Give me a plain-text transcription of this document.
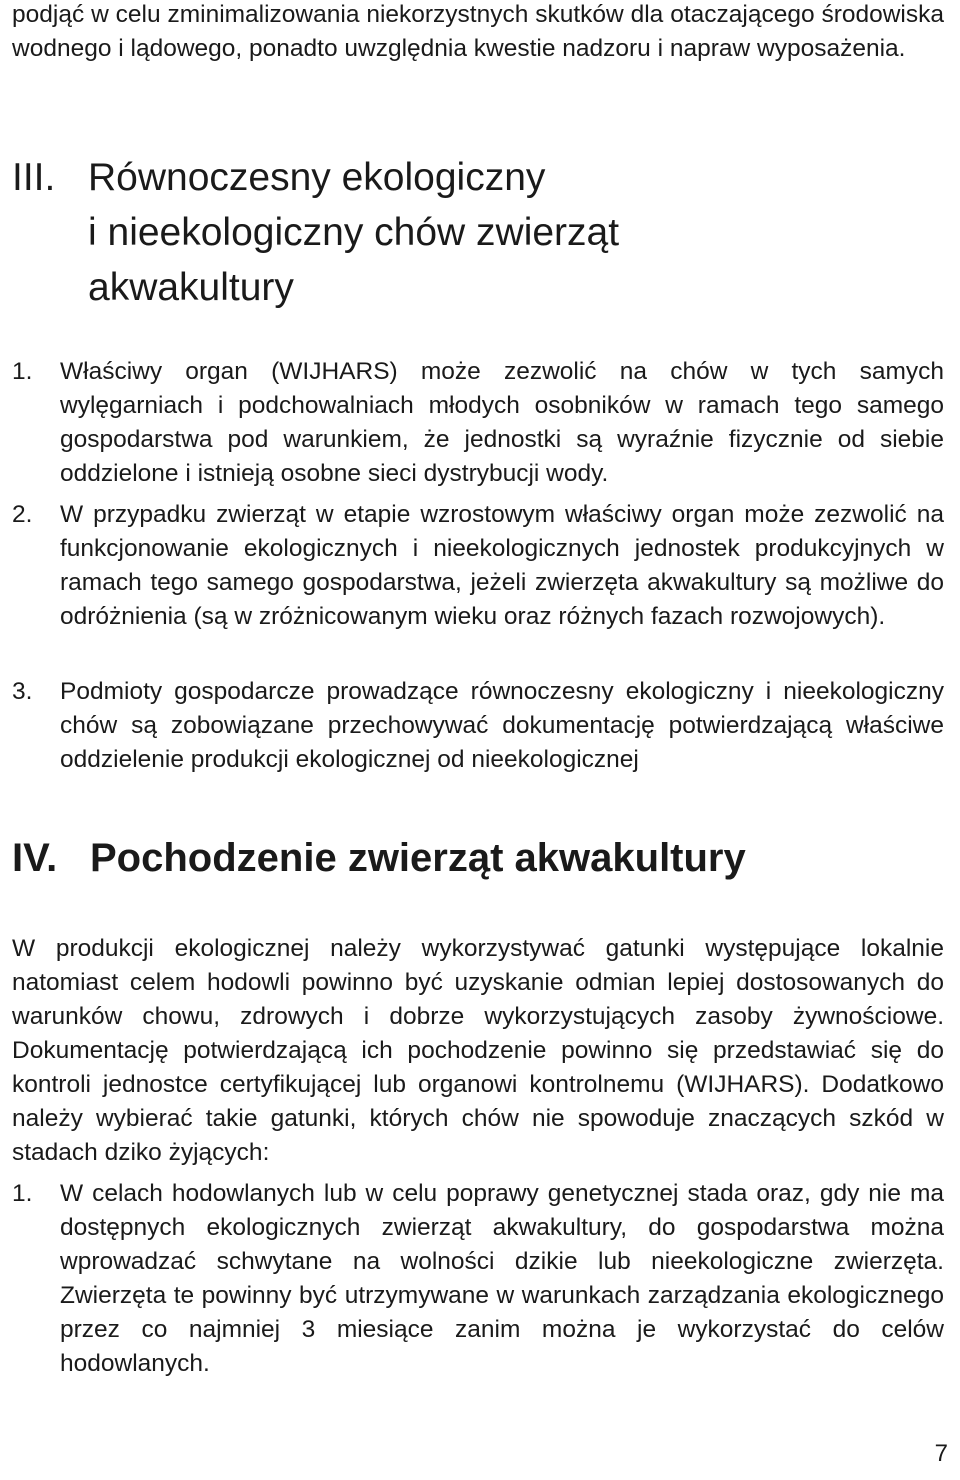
podjąć w celu zminimalizowania niekorzystnych skutków dla otaczającego środowiska wodnego i lądowego, ponadto uwzględnia kwestie nadzoru i napraw wyposażenia.

III. Równoczesny ekologiczny
i nieekologiczny chów zwierząt
akwakultury
1. Właściwy organ (WIJHARS) może zezwolić na chów w tych samych wylęgarniach i podchowalniach młodych osobników w ramach tego samego gospodarstwa pod warunkiem, że jednostki są wyraźnie fizycznie od siebie oddzielone i istnieją osobne sieci dystrybucji wody.

2. W przypadku zwierząt w etapie wzrostowym właściwy organ może zezwolić na funkcjonowanie ekologicznych i nieekologicznych jednostek produkcyjnych w ramach tego samego gospodarstwa, jeżeli zwierzęta akwakultury są możliwe do odróżnienia (są w zróżnicowanym wieku oraz różnych fazach rozwojowych).

3. Podmioty gospodarcze prowadzące równoczesny ekologiczny i nieekologiczny chów są zobowiązane przechowywać dokumentację potwierdzającą właściwe oddzielenie produkcji ekologicznej od nieekologicznej

IV. Pochodzenie zwierząt akwakultury

W produkcji ekologicznej należy wykorzystywać gatunki występujące lokalnie natomiast celem hodowli powinno być uzyskanie odmian lepiej dostosowanych do warunków chowu, zdrowych i dobrze wykorzystujących zasoby żywnościowe. Dokumentację potwierdzającą ich pochodzenie powinno się przedstawiać się do kontroli jednostce certyfikującej lub organowi kontrolnemu (WIJHARS). Dodatkowo należy wybierać takie gatunki, których chów nie spowoduje znaczących szkód w stadach dziko żyjących:

1. W celach hodowlanych lub w celu poprawy genetycznej stada oraz, gdy nie ma dostępnych ekologicznych zwierząt akwakultury, do gospodarstwa można wprowadzać schwytane na wolności dzikie lub nieekologiczne zwierzęta. Zwierzęta te powinny być utrzymywane w warunkach zarządzania ekologicznego przez co najmniej 3 miesiące zanim można je wykorzystać do celów hodowlanych.

7
